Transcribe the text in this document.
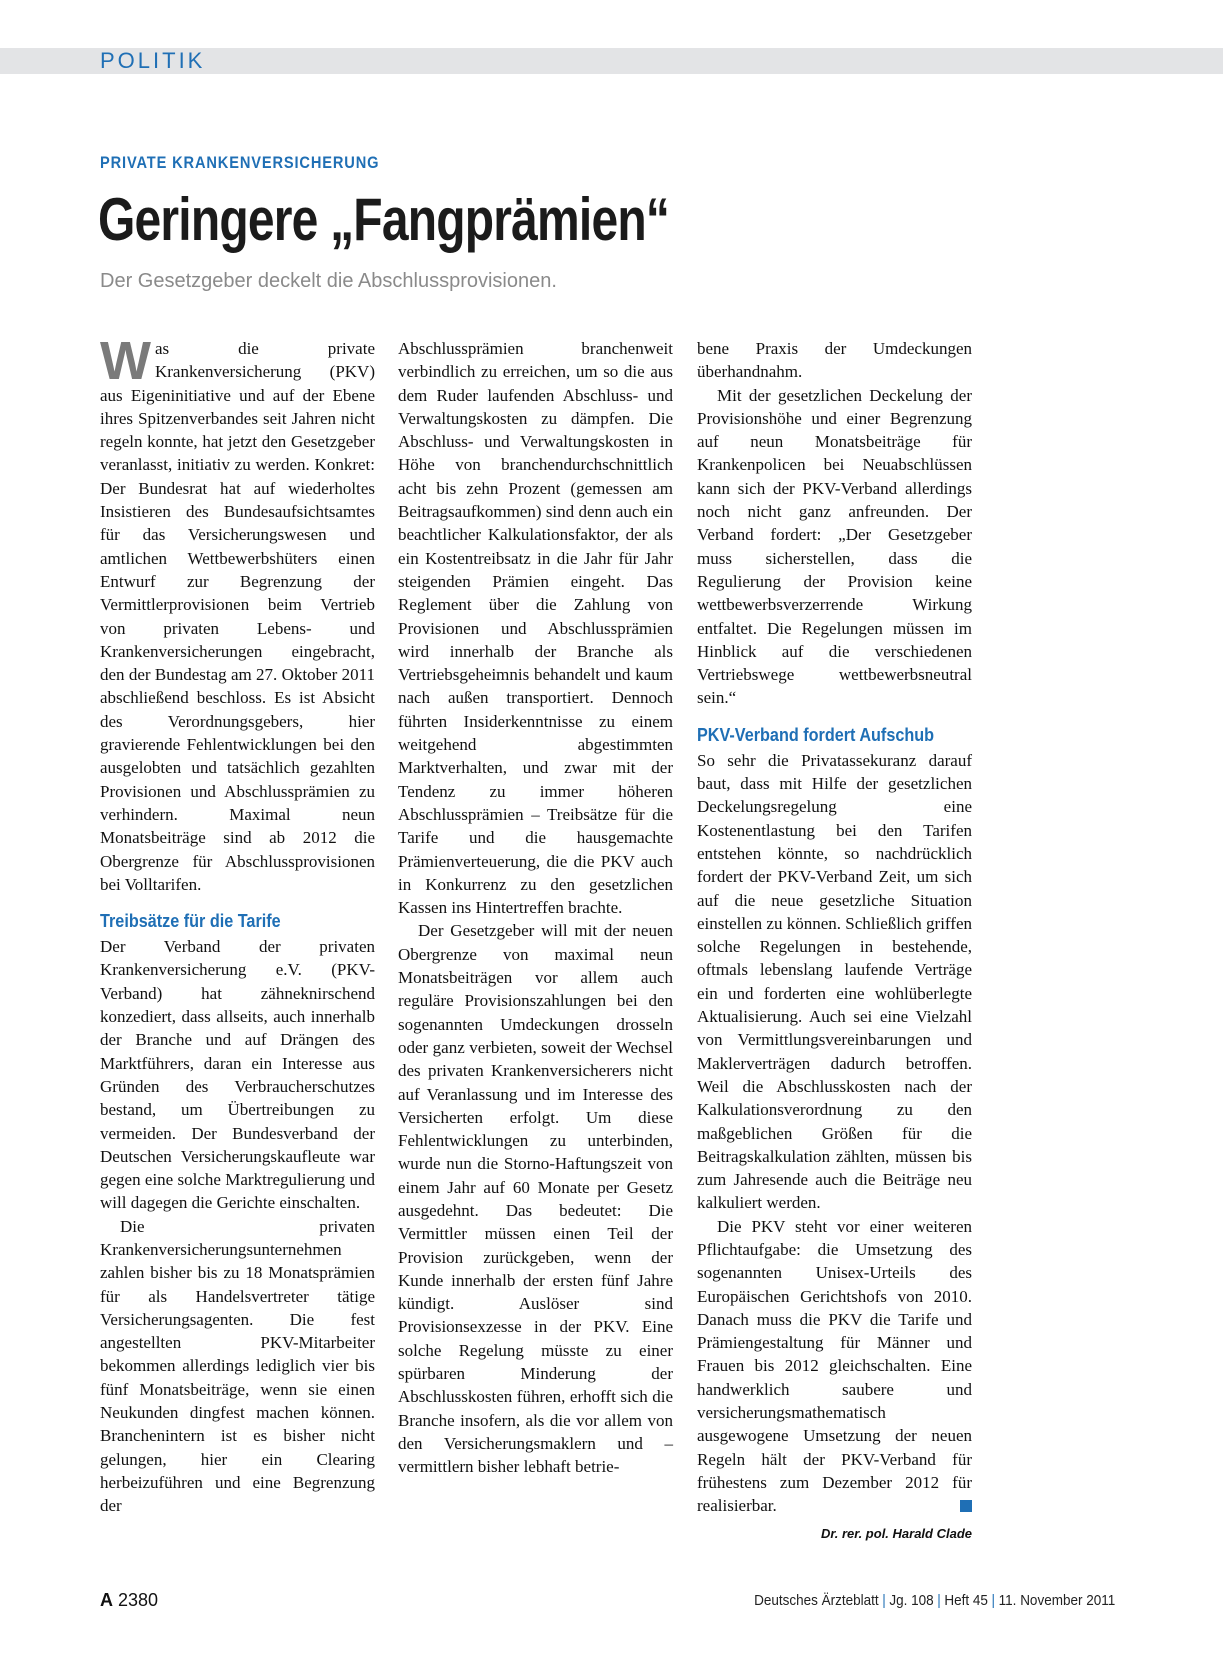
POLITIK
PRIVATE KRANKENVERSICHERUNG
Geringere „Fangprämien“
Der Gesetzgeber deckelt die Abschlussprovisionen.
W as die private Krankenversicherung (PKV) aus Eigeninitiative und auf der Ebene ihres Spitzenverbandes seit Jahren nicht regeln konnte, hat jetzt den Gesetzgeber veranlasst, initiativ zu werden. Konkret: Der Bundesrat hat auf wiederholtes Insistieren des Bundesaufsichtsamtes für das Versicherungswesen und amtlichen Wettbewerbshüters einen Entwurf zur Begrenzung der Vermittlerprovisionen beim Vertrieb von privaten Lebens- und Krankenversicherungen eingebracht, den der Bundestag am 27. Oktober 2011 abschließend beschloss. Es ist Absicht des Verordnungsgebers, hier gravierende Fehlentwicklungen bei den ausgelobten und tatsächlich gezahlten Provisionen und Abschlussprämien zu verhindern. Maximal neun Monatsbeiträge sind ab 2012 die Obergrenze für Abschlussprovisionen bei Volltarifen.

Treibsätze für die Tarife

Der Verband der privaten Krankenversicherung e.V. (PKV-Verband) hat zähneknirschend konzediert, dass allseits, auch innerhalb der Branche und auf Drängen des Marktführers, daran ein Interesse aus Gründen des Verbraucherschutzes bestand, um Übertreibungen zu vermeiden. Der Bundesverband der Deutschen Versicherungskaufleute war gegen eine solche Marktregulierung und will dagegen die Gerichte einschalten.

Die privaten Krankenversicherungsunternehmen zahlen bisher bis zu 18 Monatsprämien für als Handelsvertreter tätige Versicherungsagenten. Die fest angestellten PKV-Mitarbeiter bekommen allerdings lediglich vier bis fünf Monatsbeiträge, wenn sie einen Neukunden dingfest machen können. Branchenintern ist es bisher nicht gelungen, hier ein Clearing herbeizuführen und eine Begrenzung der

Abschlussprämien branchenweit verbindlich zu erreichen, um so die aus dem Ruder laufenden Abschluss- und Verwaltungskosten zu dämpfen. Die Abschluss- und Verwaltungskosten in Höhe von branchendurchschnittlich acht bis zehn Prozent (gemessen am Beitragsaufkommen) sind denn auch ein beachtlicher Kalkulationsfaktor, der als ein Kostentreibsatz in die Jahr für Jahr steigenden Prämien eingeht. Das Reglement über die Zahlung von Provisionen und Abschlussprämien wird innerhalb der Branche als Vertriebsgeheimnis behandelt und kaum nach außen transportiert. Dennoch führten Insiderkenntnisse zu einem weitgehend abgestimmten Marktverhalten, und zwar mit der Tendenz zu immer höheren Abschlussprämien – Treibsätze für die Tarife und die hausgemachte Prämienverteuerung, die die PKV auch in Konkurrenz zu den gesetzlichen Kassen ins Hintertreffen brachte.

Der Gesetzgeber will mit der neuen Obergrenze von maximal neun Monatsbeiträgen vor allem auch reguläre Provisionszahlungen bei den sogenannten Umdeckungen drosseln oder ganz verbieten, soweit der Wechsel des privaten Krankenversicherers nicht auf Veranlassung und im Interesse des Versicherten erfolgt. Um diese Fehlentwicklungen zu unterbinden, wurde nun die Storno-Haftungszeit von einem Jahr auf 60 Monate per Gesetz ausgedehnt. Das bedeutet: Die Vermittler müssen einen Teil der Provision zurückgeben, wenn der Kunde innerhalb der ersten fünf Jahre kündigt. Auslöser sind Provisionsexzesse in der PKV. Eine solche Regelung müsste zu einer spürbaren Minderung der Abschlusskosten führen, erhofft sich die Branche insofern, als die vor allem von den Versicherungsmaklern und –vermittlern bisher lebhaft betrie-

bene Praxis der Umdeckungen überhandnahm.

Mit der gesetzlichen Deckelung der Provisionshöhe und einer Begrenzung auf neun Monatsbeiträge für Krankenpolicen bei Neuabschlüssen kann sich der PKV-Verband allerdings noch nicht ganz anfreunden. Der Verband fordert: „Der Gesetzgeber muss sicherstellen, dass die Regulierung der Provision keine wettbewerbsverzerrende Wirkung entfaltet. Die Regelungen müssen im Hinblick auf die verschiedenen Vertriebswege wettbewerbsneutral sein.“

PKV-Verband fordert Aufschub

So sehr die Privatassekuranz darauf baut, dass mit Hilfe der gesetzlichen Deckelungsregelung eine Kostenentlastung bei den Tarifen entstehen könnte, so nachdrücklich fordert der PKV-Verband Zeit, um sich auf die neue gesetzliche Situation einstellen zu können. Schließlich griffen solche Regelungen in bestehende, oftmals lebenslang laufende Verträge ein und forderten eine wohlüberlegte Aktualisierung. Auch sei eine Vielzahl von Vermittlungsvereinbarungen und Maklerverträgen dadurch betroffen. Weil die Abschlusskosten nach der Kalkulationsverordnung zu den maßgeblichen Größen für die Beitragskalkulation zählten, müssen bis zum Jahresende auch die Beiträge neu kalkuliert werden.

Die PKV steht vor einer weiteren Pflichtaufgabe: die Umsetzung des sogenannten Unisex-Urteils des Europäischen Gerichtshofs von 2010. Danach muss die PKV die Tarife und Prämiengestaltung für Männer und Frauen bis 2012 gleichschalten. Eine handwerklich saubere und versicherungsmathematisch ausgewogene Umsetzung der neuen Regeln hält der PKV-Verband für frühestens zum Dezember 2012 für realisierbar.

Dr. rer. pol. Harald Clade
A 2380	Deutsches Ärzteblatt | Jg. 108 | Heft 45 | 11. November 2011
